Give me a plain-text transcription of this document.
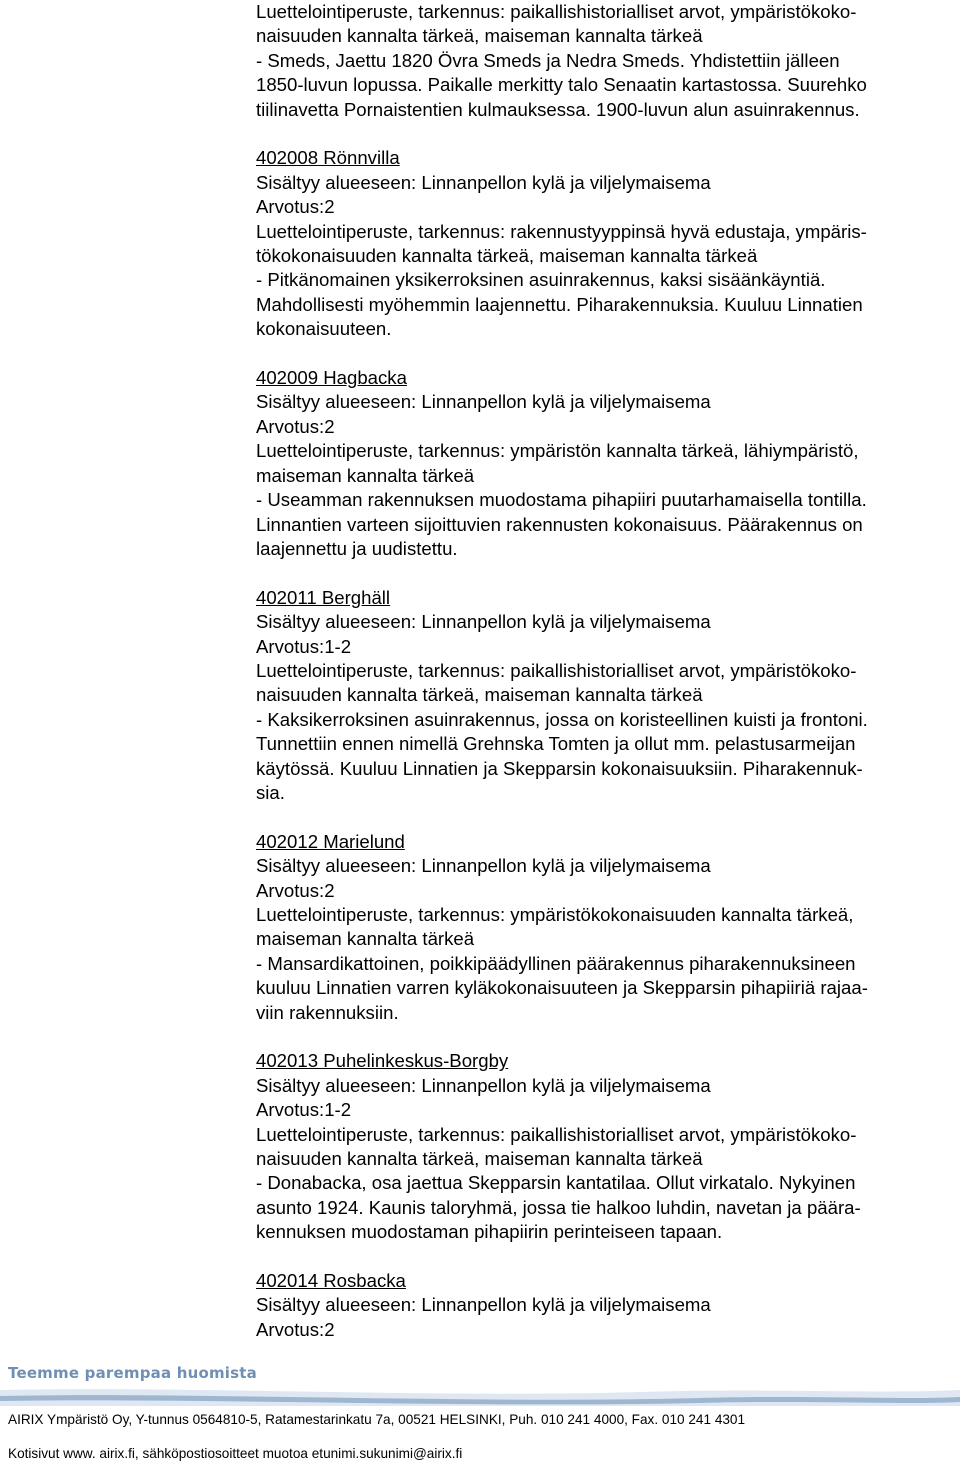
Luettelointiperuste, tarkennus: paikallishistorialliset arvot, ympäristökoko-

naisuuden kannalta tärkeä, maiseman kannalta tärkeä

- Smeds, Jaettu 1820 Övra Smeds ja Nedra Smeds. Yhdistettiin jälleen

1850-luvun lopussa. Paikalle merkitty talo Senaatin kartastossa. Suurehko

tiilinavetta Pornaistentien kulmauksessa. 1900-luvun alun asuinrakennus.

402008 Rönnvilla

Sisältyy alueeseen: Linnanpellon kylä ja viljelymaisema

Arvotus:2

Luettelointiperuste, tarkennus: rakennustyyppinsä hyvä edustaja, ympäris-

tökokonaisuuden kannalta tärkeä, maiseman kannalta tärkeä

- Pitkänomainen yksikerroksinen asuinrakennus, kaksi sisäänkäyntiä.

Mahdollisesti myöhemmin laajennettu. Piharakennuksia. Kuuluu Linnatien

kokonaisuuteen.

402009 Hagbacka

Sisältyy alueeseen: Linnanpellon kylä ja viljelymaisema

Arvotus:2

Luettelointiperuste, tarkennus: ympäristön kannalta tärkeä, lähiympäristö,

maiseman kannalta tärkeä

- Useamman rakennuksen muodostama pihapiiri puutarhamaisella tontilla.

Linnantien varteen sijoittuvien rakennusten kokonaisuus. Päärakennus on

laajennettu ja uudistettu.

402011 Berghäll

Sisältyy alueeseen: Linnanpellon kylä ja viljelymaisema

Arvotus:1-2

Luettelointiperuste, tarkennus: paikallishistorialliset arvot, ympäristökoko-

naisuuden kannalta tärkeä, maiseman kannalta tärkeä

- Kaksikerroksinen asuinrakennus, jossa on koristeellinen kuisti ja frontoni.

Tunnettiin ennen nimellä Grehnska Tomten ja ollut mm. pelastusarmeijan

käytössä. Kuuluu Linnatien ja Skepparsin kokonaisuuksiin. Piharakennuk-

sia.

402012 Marielund

Sisältyy alueeseen: Linnanpellon kylä ja viljelymaisema

Arvotus:2

Luettelointiperuste, tarkennus: ympäristökokonaisuuden kannalta tärkeä,

maiseman kannalta tärkeä

- Mansardikattoinen, poikkipäädyllinen päärakennus piharakennuksineen

kuuluu Linnatien varren kyläkokonaisuuteen ja Skepparsin pihapiiriä rajaa-

viin rakennuksiin.

402013 Puhelinkeskus-Borgby

Sisältyy alueeseen: Linnanpellon kylä ja viljelymaisema

Arvotus:1-2

Luettelointiperuste, tarkennus: paikallishistorialliset arvot, ympäristökoko-

naisuuden kannalta tärkeä, maiseman kannalta tärkeä

- Donabacka, osa jaettua Skepparsin kantatilaa. Ollut virkatalo. Nykyinen

asunto 1924. Kaunis taloryhmä, jossa tie halkoo luhdin, navetan ja päära-

kennuksen muodostaman pihapiirin perinteiseen tapaan.

402014 Rosbacka

Sisältyy alueeseen: Linnanpellon kylä ja viljelymaisema

Arvotus:2

Teemme parempaa huomista
AIRIX Ympäristö Oy, Y-tunnus 0564810-5, Ratamestarinkatu 7a, 00521 HELSINKI, Puh. 010 241 4000, Fax. 010 241 4301
Kotisivut www. airix.fi, sähköpostiosoitteet muotoa etunimi.sukunimi@airix.fi
